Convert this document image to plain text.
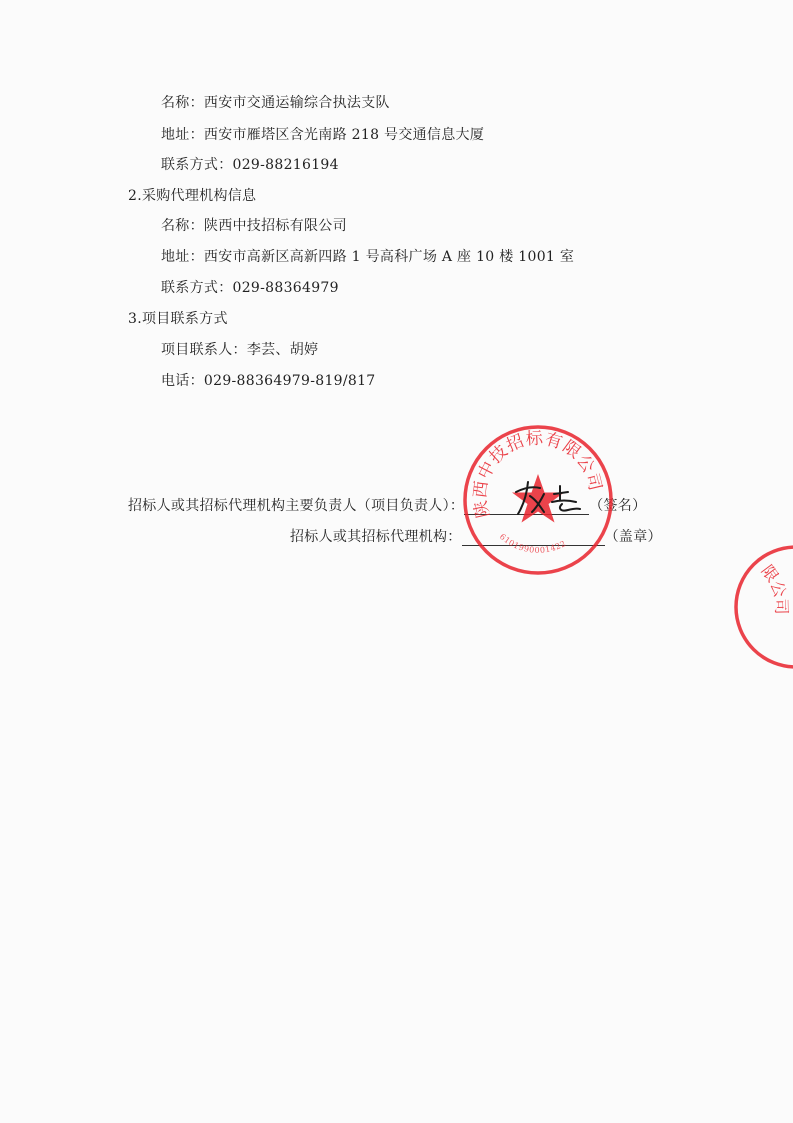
名称：西安市交通运输综合执法支队
地址：西安市雁塔区含光南路 218 号交通信息大厦
联系方式：029-88216194
2.采购代理机构信息
名称：陕西中技招标有限公司
地址：西安市高新区高新四路 1 号高科广场 A 座 10 楼 1001 室
联系方式：029-88364979
3.项目联系方式
项目联系人：李芸、胡婷
电话：029-88364979-819/817
招标人或其招标代理机构主要负责人（项目负责人）：	（签名）
招标人或其招标代理机构：	（盖章）
陕西中技招标有限公司
6101990001422
限公司
